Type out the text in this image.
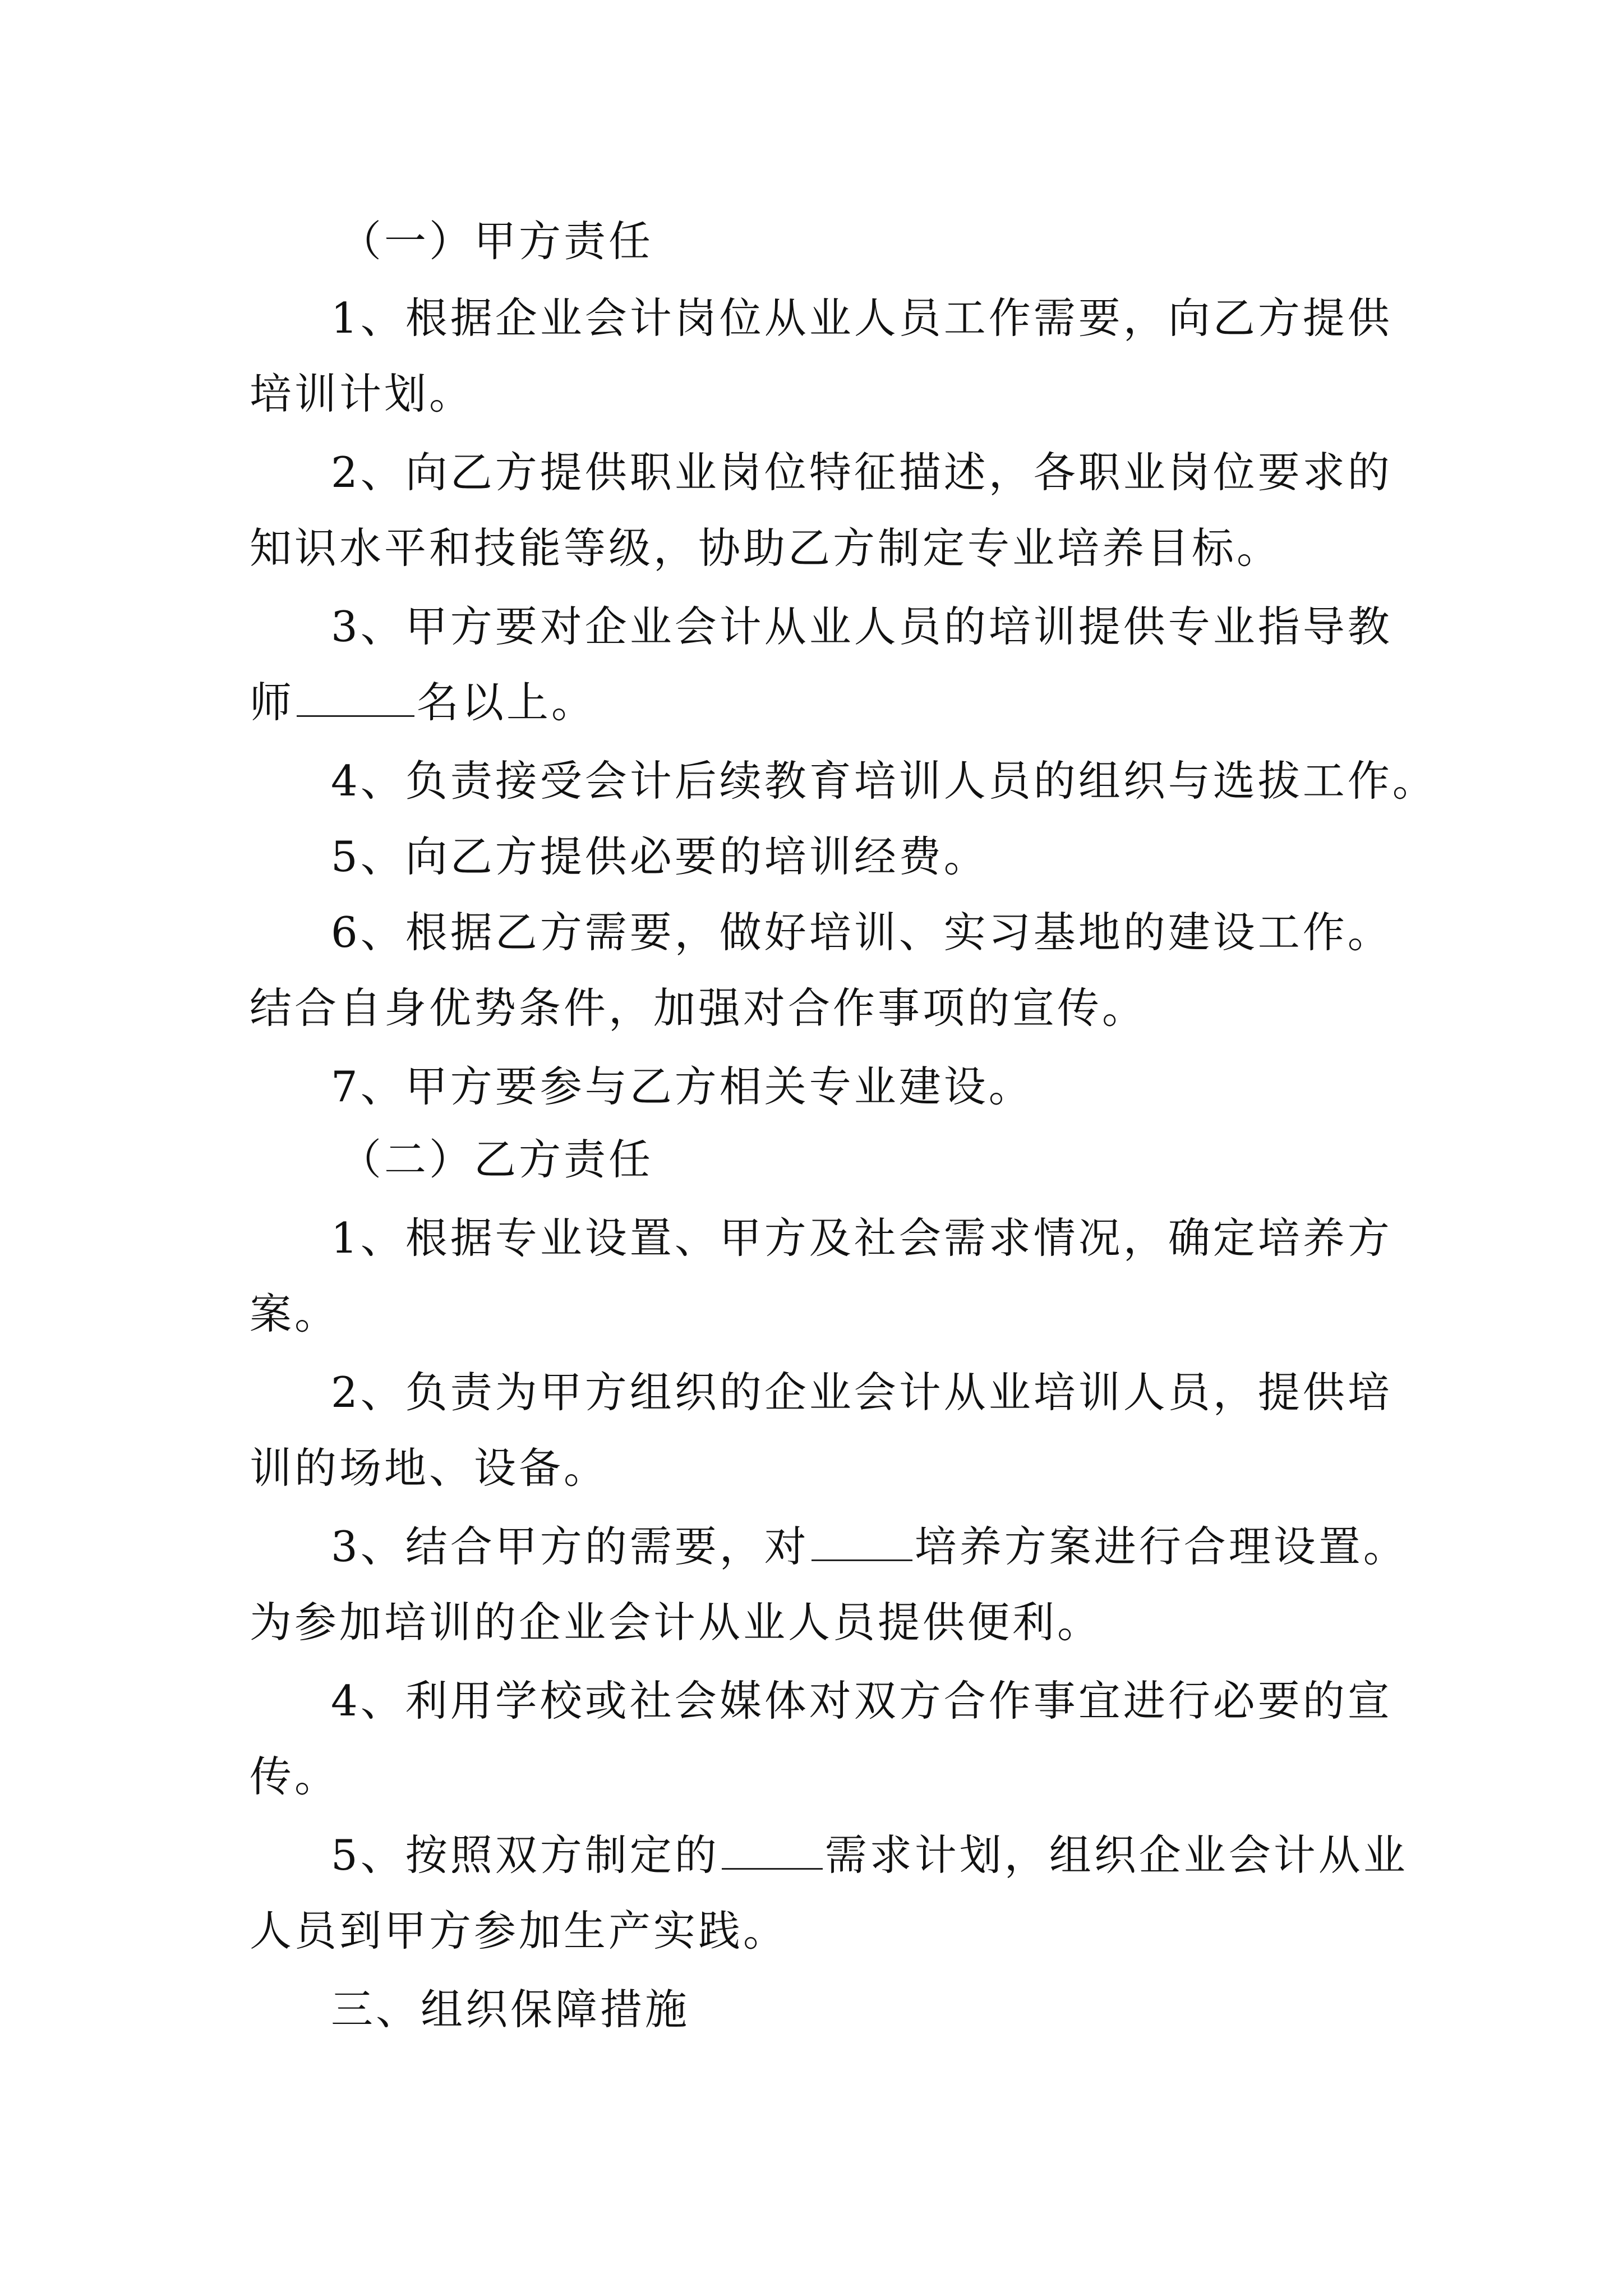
（一）甲方责任
1、根据企业会计岗位从业人员工作需要，向乙方提供
培训计划。
2、向乙方提供职业岗位特征描述，各职业岗位要求的
知识水平和技能等级，协助乙方制定专业培养目标。
3、甲方要对企业会计从业人员的培训提供专业指导教
师	名以上。
4、负责接受会计后续教育培训人员的组织与选拔工作。
5、向乙方提供必要的培训经费。
6、根据乙方需要，做好培训、实习基地的建设工作。
结合自身优势条件，加强对合作事项的宣传。
7、甲方要参与乙方相关专业建设。
（二）乙方责任
1、根据专业设置、甲方及社会需求情况，确定培养方
案。
2、负责为甲方组织的企业会计从业培训人员，提供培
训的场地、设备。
3、结合甲方的需要，对	培养方案进行合理设置。
为参加培训的企业会计从业人员提供便利。
4、利用学校或社会媒体对双方合作事宜进行必要的宣
传。
5、按照双方制定的	需求计划，组织企业会计从业
人员到甲方参加生产实践。
三、组织保障措施
